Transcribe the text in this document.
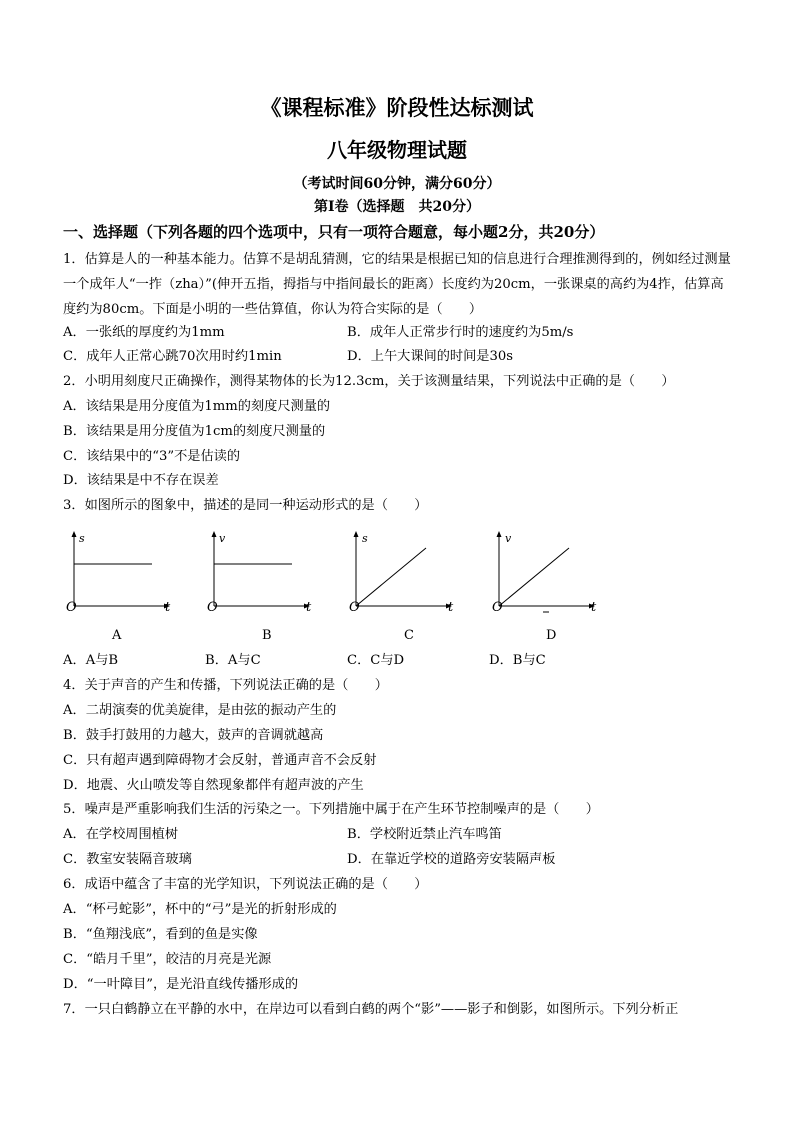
《课程标准》阶段性达标测试
八年级物理试题
（考试时间60分钟，满分60分）
第Ⅰ卷（选择题　共20分）
一、选择题（下列各题的四个选项中，只有一项符合题意，每小题2分，共20分）
1．估算是人的一种基本能力。估算不是胡乱猜测，它的结果是根据已知的信息进行合理推测得到的，例如经过测量一个成年人“一拃（zha）”(伸开五指，拇指与中指间最长的距离）长度约为20cm，一张课桌的高约为4拃，估算高度约为80cm。下面是小明的一些估算值，你认为符合实际的是（　　）
A．一张纸的厚度约为1mm	B．成年人正常步行时的速度约为5m/s
C．成年人正常心跳70次用时约1min	D．上午大课间的时间是30s
2．小明用刻度尺正确操作，测得某物体的长为12.3cm，关于该测量结果，下列说法中正确的是（　　）
A．该结果是用分度值为1mm的刻度尺测量的
B．该结果是用分度值为1cm的刻度尺测量的
C．该结果中的“3”不是估读的
D．该结果是中不存在误差
3．如图所示的图象中，描述的是同一种运动形式的是（　　）
s
O	t
A
v
O	t
B
s
O	t
C
v
O	t
D
A．A与B	B．A与C	C．C与D	D．B与C
4．关于声音的产生和传播，下列说法正确的是（　　）
A．二胡演奏的优美旋律，是由弦的振动产生的
B．鼓手打鼓用的力越大，鼓声的音调就越高
C．只有超声遇到障碍物才会反射，普通声音不会反射
D．地震、火山喷发等自然现象都伴有超声波的产生
5．噪声是严重影响我们生活的污染之一。下列措施中属于在产生环节控制噪声的是（　　）
A．在学校周围植树	B．学校附近禁止汽车鸣笛
C．教室安装隔音玻璃	D．在靠近学校的道路旁安装隔声板
6．成语中蕴含了丰富的光学知识，下列说法正确的是（　　）
A．“杯弓蛇影”，杯中的“弓”是光的折射形成的
B．“鱼翔浅底”，看到的鱼是实像
C．“皓月千里”，皎洁的月亮是光源
D．“一叶障目”，是光沿直线传播形成的
7．一只白鹤静立在平静的水中，在岸边可以看到白鹤的两个“影”——影子和倒影，如图所示。下列分析正
